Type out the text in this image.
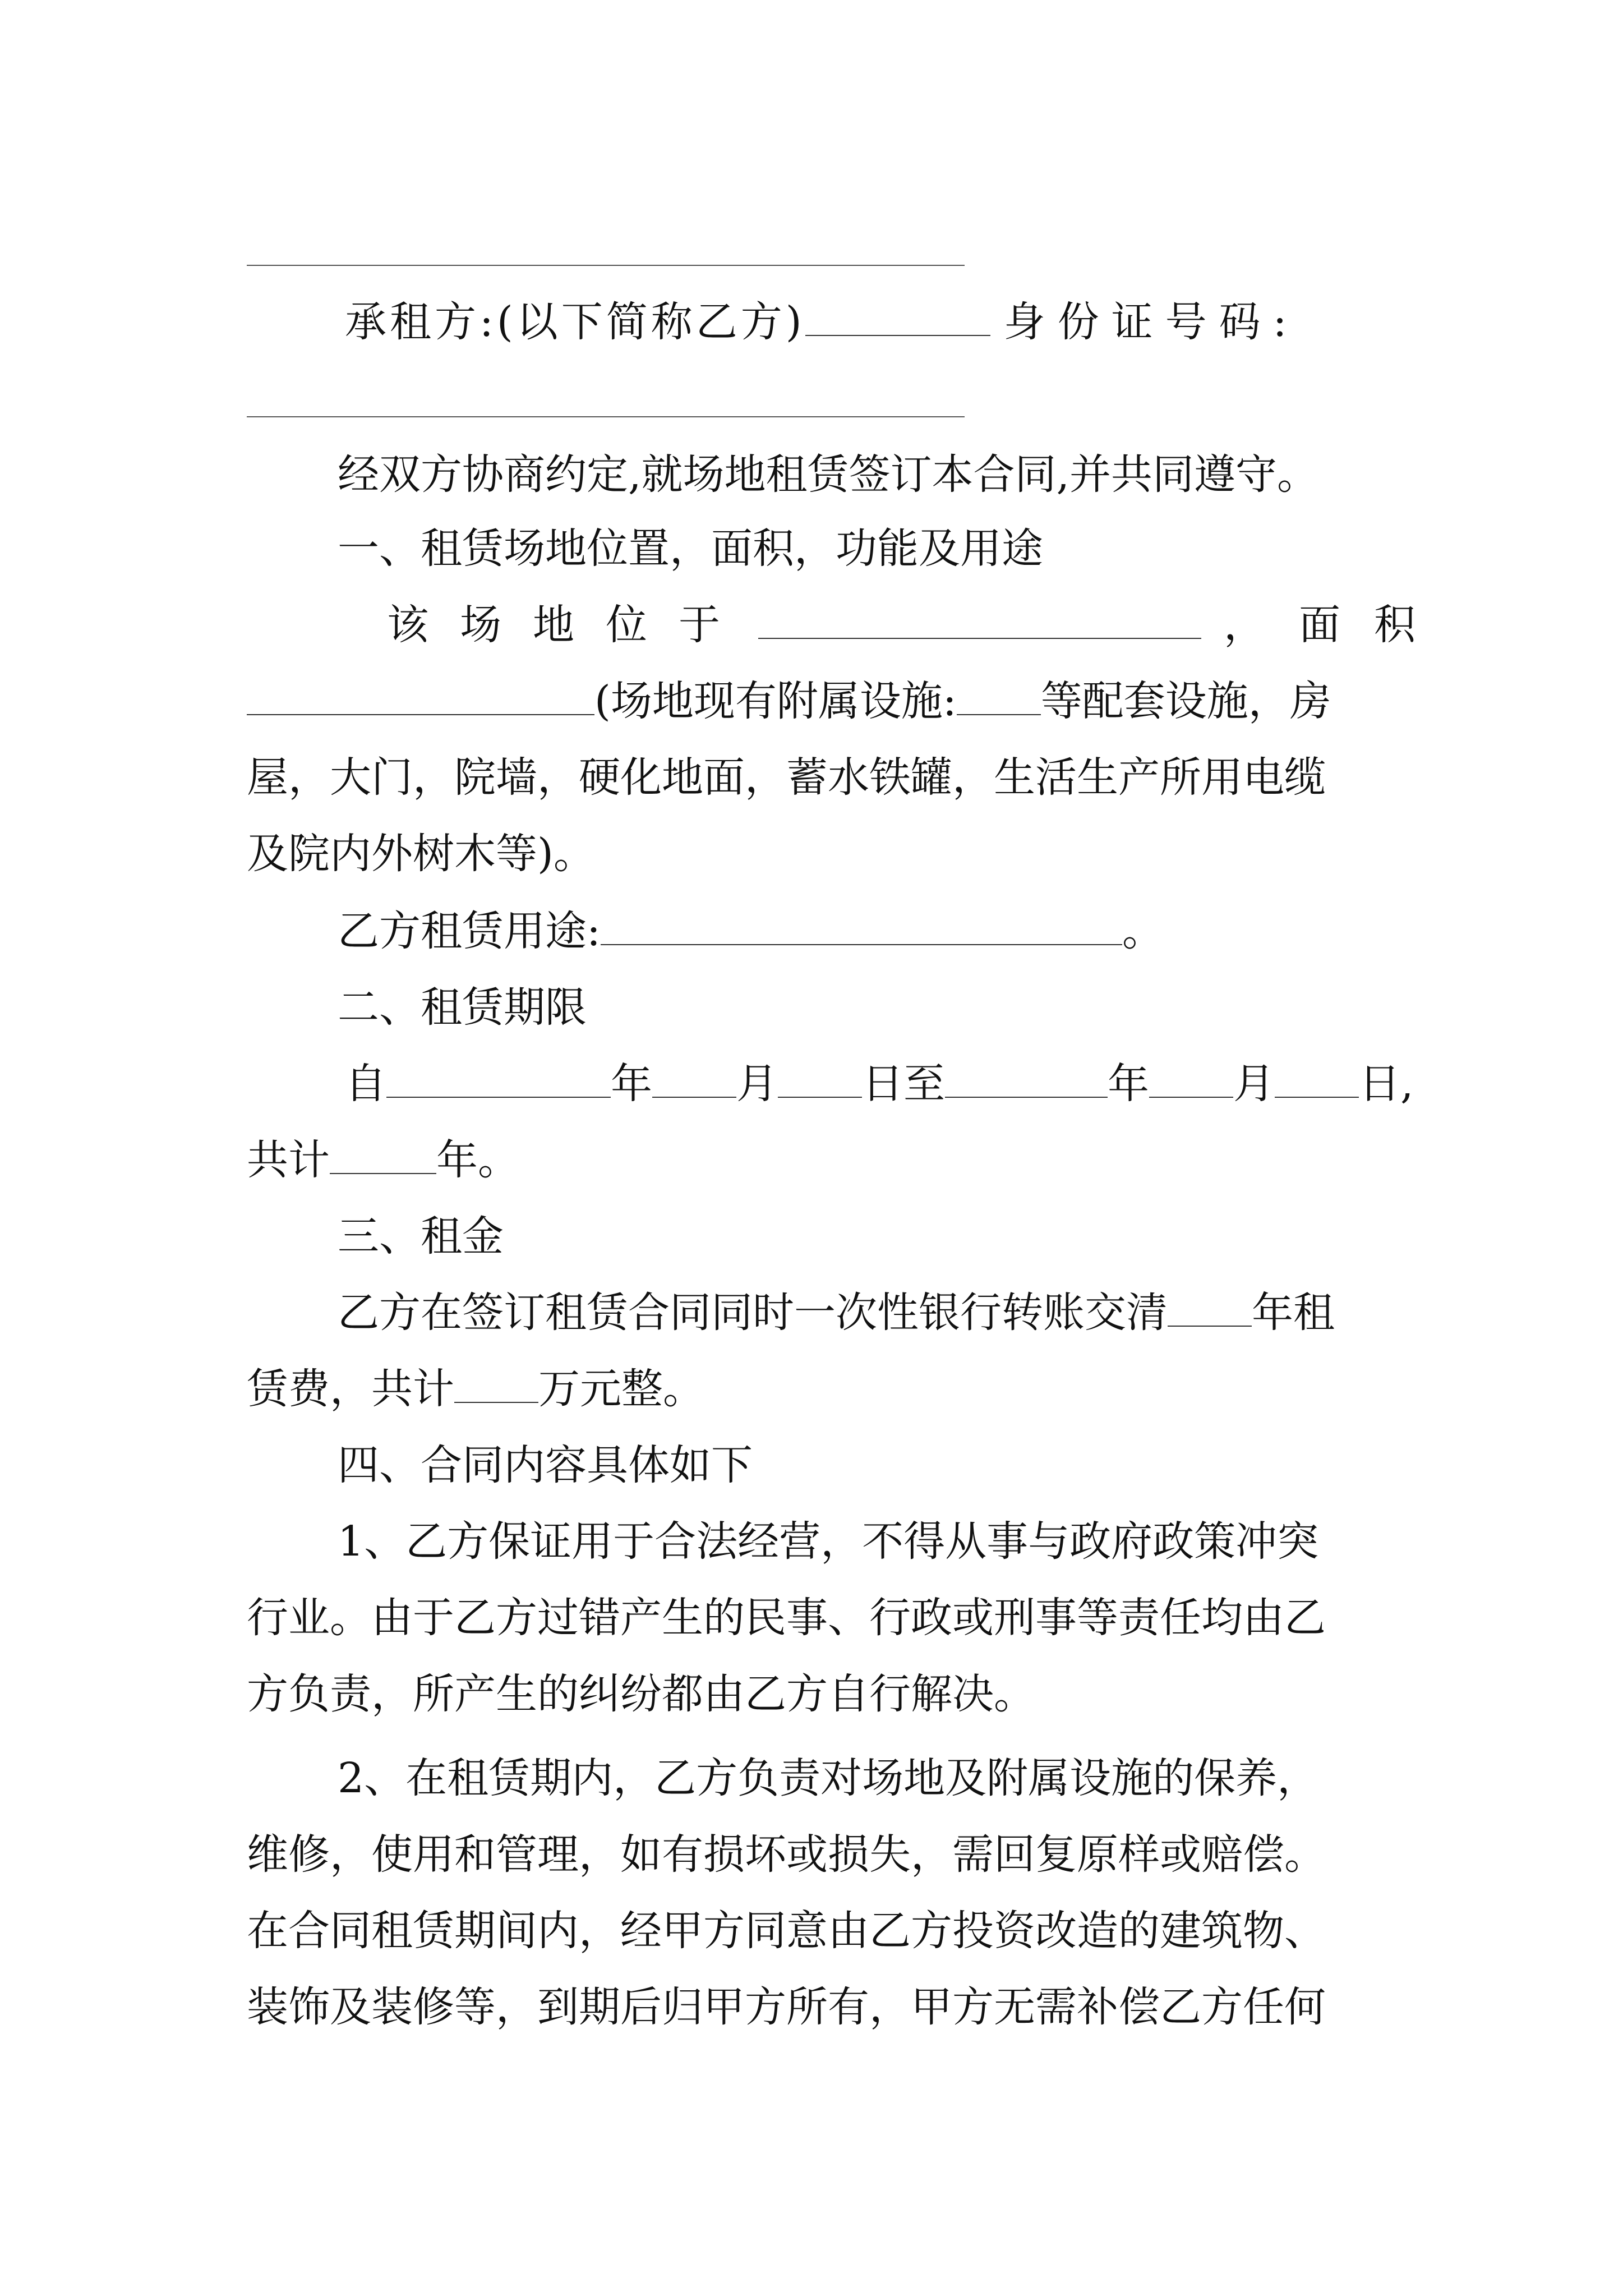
承租方:(以下简称乙方)	身份证号码:
经双方协商约定,就场地租赁签订本合同,并共同遵守。
一、租赁场地位置，面积，功能及用途
该场地位于	， 面积
(场地现有附属设施: 等配套设施，房
屋，大门，院墙，硬化地面，蓄水铁罐，生活生产所用电缆
及院内外树木等)。
乙方租赁用途:	。
二、租赁期限
自	年 月 日至	年 月 日,
共计	年。
三、租金
乙方在签订租赁合同同时一次性银行转账交清 年租
赁费，共计 万元整。
四、合同内容具体如下
1、乙方保证用于合法经营，不得从事与政府政策冲突
行业。由于乙方过错产生的民事、行政或刑事等责任均由乙
方负责，所产生的纠纷都由乙方自行解决。
2、在租赁期内，乙方负责对场地及附属设施的保养，
维修，使用和管理，如有损坏或损失，需回复原样或赔偿。
在合同租赁期间内，经甲方同意由乙方投资改造的建筑物、
装饰及装修等，到期后归甲方所有，甲方无需补偿乙方任何
